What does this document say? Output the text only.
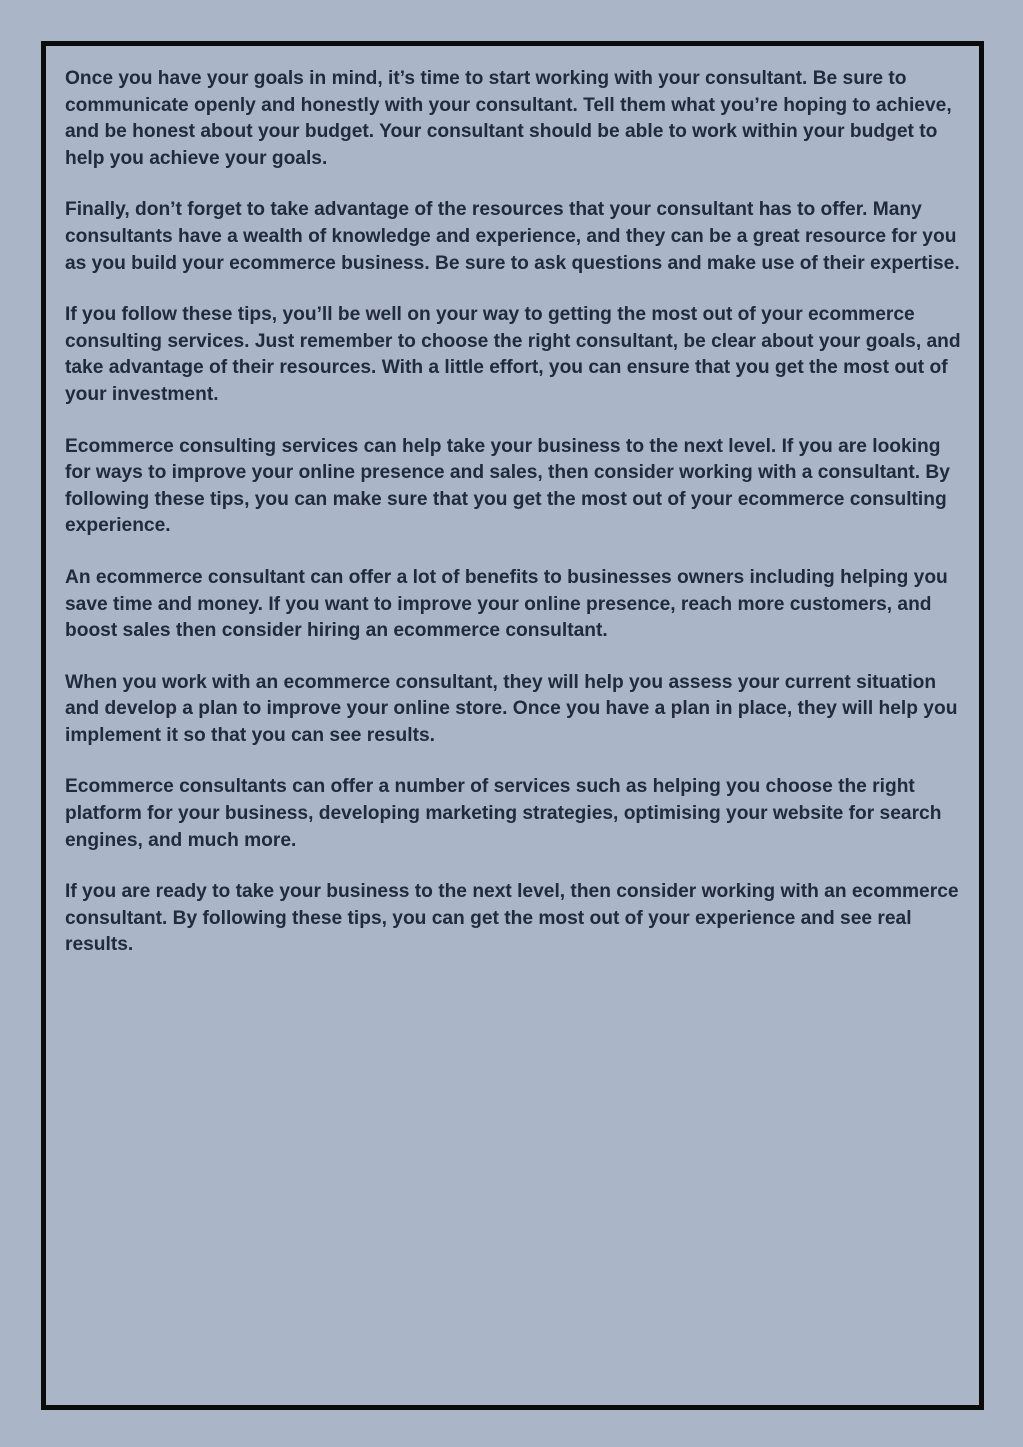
Once you have your goals in mind, it’s time to start working with your consultant. Be sure to communicate openly and honestly with your consultant. Tell them what you’re hoping to achieve, and be honest about your budget. Your consultant should be able to work within your budget to help you achieve your goals.

Finally, don’t forget to take advantage of the resources that your consultant has to offer. Many consultants have a wealth of knowledge and experience, and they can be a great resource for you as you build your ecommerce business. Be sure to ask questions and make use of their expertise.

If you follow these tips, you’ll be well on your way to getting the most out of your ecommerce consulting services. Just remember to choose the right consultant, be clear about your goals, and take advantage of their resources. With a little effort, you can ensure that you get the most out of your investment.

Ecommerce consulting services can help take your business to the next level. If you are looking for ways to improve your online presence and sales, then consider working with a consultant. By following these tips, you can make sure that you get the most out of your ecommerce consulting experience.

An ecommerce consultant can offer a lot of benefits to businesses owners including helping you save time and money. If you want to improve your online presence, reach more customers, and boost sales then consider hiring an ecommerce consultant.

When you work with an ecommerce consultant, they will help you assess your current situation and develop a plan to improve your online store. Once you have a plan in place, they will help you implement it so that you can see results.

Ecommerce consultants can offer a number of services such as helping you choose the right platform for your business, developing marketing strategies, optimising your website for search engines, and much more.

If you are ready to take your business to the next level, then consider working with an ecommerce consultant. By following these tips, you can get the most out of your experience and see real results.
